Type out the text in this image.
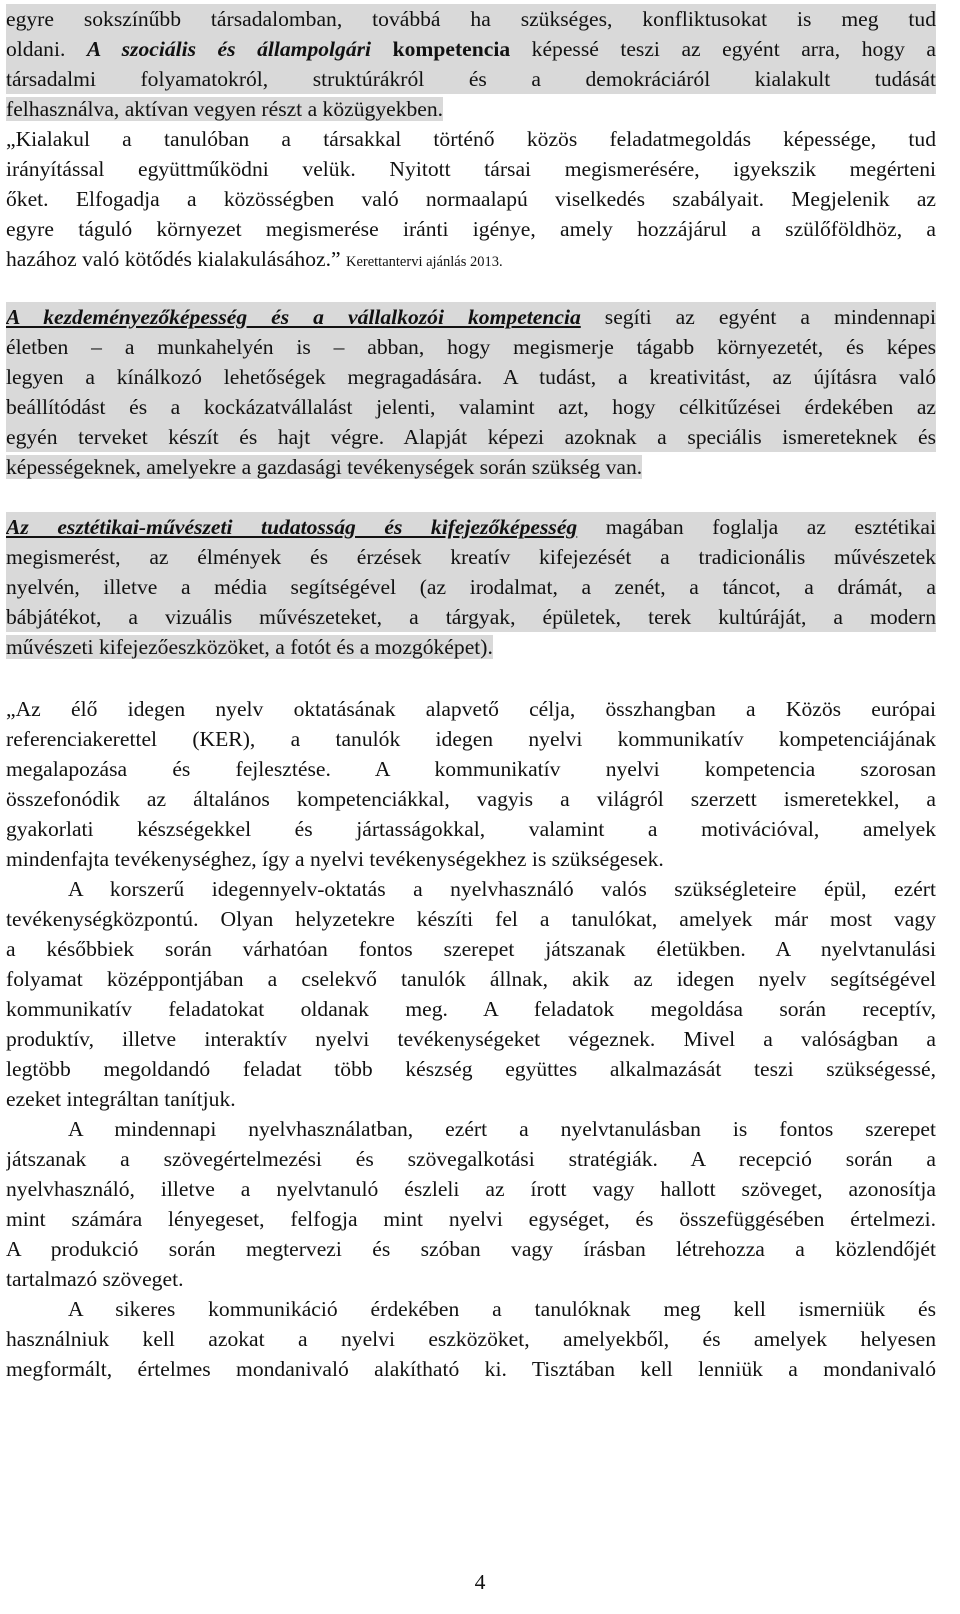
egyre sokszínűbb társadalomban, továbbá ha szükséges, konfliktusokat is meg tud
oldani. A szociális és állampolgári kompetencia képessé teszi az egyént arra, hogy a
társadalmi folyamatokról, struktúrákról és a demokráciáról kialakult tudását
felhasználva, aktívan vegyen részt a közügyekben.
„Kialakul a tanulóban a társakkal történő közös feladatmegoldás képessége, tud
irányítással együttműködni velük. Nyitott társai megismerésére, igyekszik megérteni
őket. Elfogadja a közösségben való normaalapú viselkedés szabályait. Megjelenik az
egyre táguló környezet megismerése iránti igénye, amely hozzájárul a szülőföldhöz, a
hazához való kötődés kialakulásához.” Kerettantervi ajánlás 2013.
A kezdeményezőképesség és a vállalkozói kompetencia segíti az egyént a mindennapi
életben – a munkahelyén is – abban, hogy megismerje tágabb környezetét, és képes
legyen a kínálkozó lehetőségek megragadására. A tudást, a kreativitást, az újításra való
beállítódást és a kockázatvállalást jelenti, valamint azt, hogy célkitűzései érdekében az
egyén terveket készít és hajt végre. Alapját képezi azoknak a speciális ismereteknek és
képességeknek, amelyekre a gazdasági tevékenységek során szükség van.
Az esztétikai-művészeti tudatosság és kifejezőképesség magában foglalja az esztétikai
megismerést, az élmények és érzések kreatív kifejezését a tradicionális művészetek
nyelvén, illetve a média segítségével (az irodalmat, a zenét, a táncot, a drámát, a
bábjátékot, a vizuális művészeteket, a tárgyak, épületek, terek kultúráját, a modern
művészeti kifejezőeszközöket, a fotót és a mozgóképet).
„Az élő idegen nyelv oktatásának alapvető célja, összhangban a Közös európai
referenciakerettel (KER), a tanulók idegen nyelvi kommunikatív kompetenciájának
megalapozása és fejlesztése. A kommunikatív nyelvi kompetencia szorosan
összefonódik az általános kompetenciákkal, vagyis a világról szerzett ismeretekkel, a
gyakorlati készségekkel és jártasságokkal, valamint a motivációval, amelyek
mindenfajta tevékenységhez, így a nyelvi tevékenységekhez is szükségesek.
A korszerű idegennyelv-oktatás a nyelvhasználó valós szükségleteire épül, ezért
tevékenységközpontú. Olyan helyzetekre készíti fel a tanulókat, amelyek már most vagy
a későbbiek során várhatóan fontos szerepet játszanak életükben. A nyelvtanulási
folyamat középpontjában a cselekvő tanulók állnak, akik az idegen nyelv segítségével
kommunikatív feladatokat oldanak meg. A feladatok megoldása során receptív,
produktív, illetve interaktív nyelvi tevékenységeket végeznek. Mivel a valóságban a
legtöbb megoldandó feladat több készség együttes alkalmazását teszi szükségessé,
ezeket integráltan tanítjuk.
A mindennapi nyelvhasználatban, ezért a nyelvtanulásban is fontos szerepet
játszanak a szövegértelmezési és szövegalkotási stratégiák. A recepció során a
nyelvhasználó, illetve a nyelvtanuló észleli az írott vagy hallott szöveget, azonosítja
mint számára lényegeset, felfogja mint nyelvi egységet, és összefüggésében értelmezi.
A produkció során megtervezi és szóban vagy írásban létrehozza a közlendőjét
tartalmazó szöveget.
A sikeres kommunikáció érdekében a tanulóknak meg kell ismerniük és
használniuk kell azokat a nyelvi eszközöket, amelyekből, és amelyek helyesen
megformált, értelmes mondanivaló alakítható ki. Tisztában kell lenniük a mondanivaló
4
